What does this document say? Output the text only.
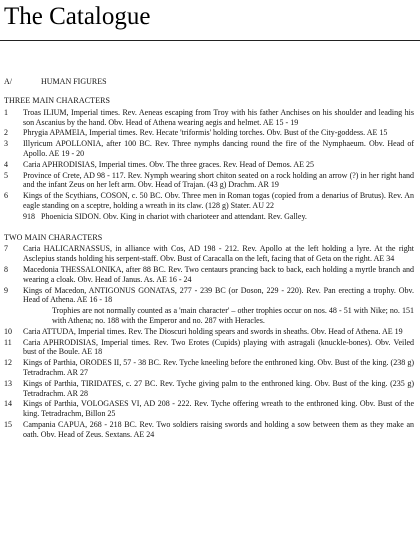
The Catalogue
A/	HUMAN FIGURES
THREE MAIN CHARACTERS
1	Troas ILIUM, Imperial times. Rev. Aeneas escaping from Troy with his father Anchises on his shoulder and leading his son Ascanius by the hand. Obv. Head of Athena wearing aegis and helmet. AE 15 - 19
2	Phrygia APAMEIA, Imperial times. Rev. Hecate 'triformis' holding torches. Obv. Bust of the City-goddess. AE 15
3	Illyricum APOLLONIA, after 100 BC. Rev. Three nymphs dancing round the fire of the Nymphaeum. Obv. Head of Apollo. AE 19 - 20
4	Caria APHRODISIAS, Imperial times. Obv. The three graces. Rev. Head of Demos. AE 25
5	Province of Crete, AD 98 - 117. Rev. Nymph wearing short chiton seated on a rock holding an arrow (?) in her right hand and the infant Zeus on her left arm. Obv. Head of Trajan. (43 g) Drachm. AR 19
6	Kings of the Scythians, COSON, c. 50 BC. Obv. Three men in Roman togas (copied from a denarius of Brutus). Rev. An eagle standing on a sceptre, holding a wreath in its claw. (128 g) Stater. AU 22
918 Phoenicia SIDON. Obv. King in chariot with charioteer and attendant. Rev. Galley.
TWO MAIN CHARACTERS
7	Caria HALICARNASSUS, in alliance with Cos, AD 198 - 212. Rev. Apollo at the left holding a lyre. At the right Asclepius stands holding his serpent-staff. Obv. Bust of Caracalla on the left, facing that of Geta on the right. AE 34
8	Macedonia THESSALONIKA, after 88 BC. Rev. Two centaurs prancing back to back, each holding a myrtle branch and wearing a cloak. Obv. Head of Janus. As. AE 16 - 24
9	Kings of Macedon, ANTIGONUS GONATAS, 277 - 239 BC (or Doson, 229 - 220). Rev. Pan erecting a trophy. Obv. Head of Athena. AE 16 - 18
Trophies are not normally counted as a 'main character' – other trophies occur on nos. 48 - 51 with Nike; no. 151 with Athena; no. 188 with the Emperor and no. 287 with Heracles.
10	Caria ATTUDA, Imperial times. Rev. The Dioscuri holding spears and swords in sheaths. Obv. Head of Athena. AE 19
11	Caria APHRODISIAS, Imperial times. Rev. Two Erotes (Cupids) playing with astragali (knuckle-bones). Obv. Veiled bust of the Boule. AE 18
12	Kings of Parthia, ORODES II, 57 - 38 BC. Rev. Tyche kneeling before the enthroned king. Obv. Bust of the king. (238 g) Tetradrachm. AR 27
13	Kings of Parthia, TIRIDATES, c. 27 BC. Rev. Tyche giving palm to the enthroned king. Obv. Bust of the king. (235 g) Tetradrachm. AR 28
14	Kings of Parthia, VOLOGASES VI, AD 208 - 222. Rev. Tyche offering wreath to the enthroned king. Obv. Bust of the king. Tetradrachm, Billon 25
15	Campania CAPUA, 268 - 218 BC. Rev. Two soldiers raising swords and holding a sow between them as they make an oath. Obv. Head of Zeus. Sextans. AE 24
